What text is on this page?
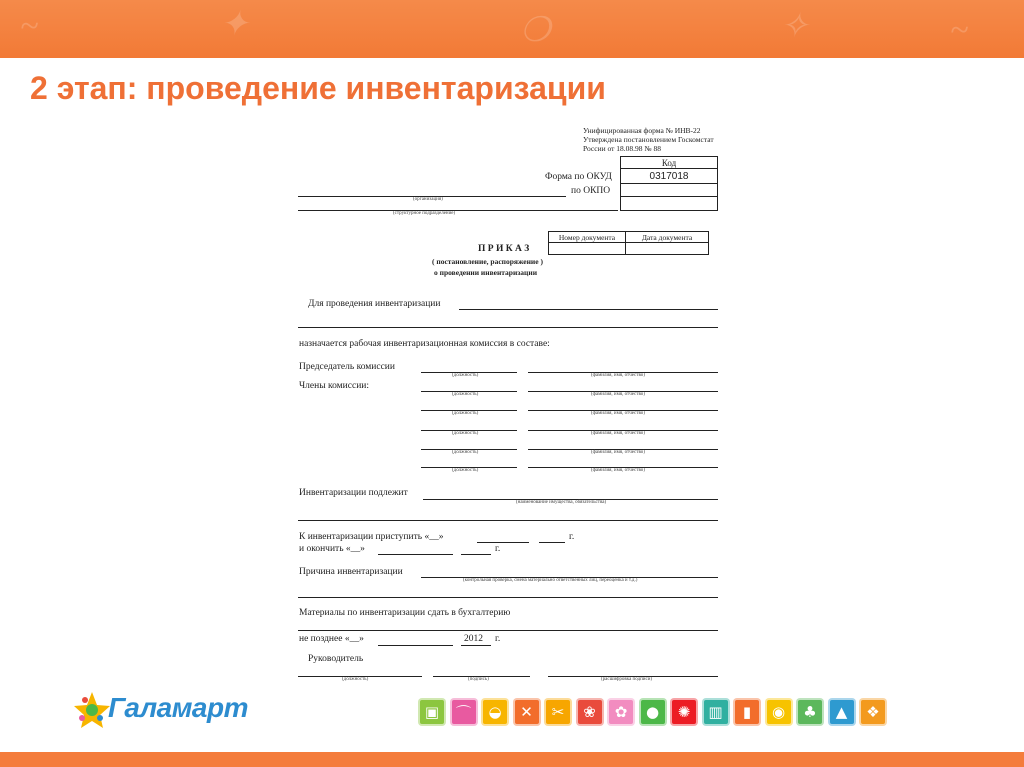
~	✦	❍	✧	~
2 этап: проведение инвентаризации
Унифицированная форма № ИНВ-22
Утверждена постановлением Госкомстат
России от 18.08.98 № 88
Код
0317018
Форма по ОКУД
по ОКПО
(организация)
(структурное подразделение)
Номер документа	Дата документа
П Р И К А З
( постановление, распоряжение )
о проведении инвентаризации
Для проведения инвентаризации
назначается рабочая инвентаризационная комиссия в составе:
Председатель комиссии
Члены комиссии:
(должность)	(фамилия, имя, отчество)
(должность)	(фамилия, имя, отчество)
(должность)	(фамилия, имя, отчество)
(должность)	(фамилия, имя, отчество)
(должность)	(фамилия, имя, отчество)
(должность)	(фамилия, имя, отчество)
Инвентаризации подлежит
(наименование имущества, обязательства)
К инвентаризации приступить «__»	г.
и окончить «__»	г.
Причина инвентаризации
(контрольная проверка, смена материально ответственных лиц, переоценка и т.д.)
Материалы по инвентаризации сдать в бухгалтерию
не позднее «__»	2012 г.
Руководитель
(должность)	(подпись)	(расшифровка подписи)
Галамарт	▣	⌒	◒	✕	✂	❀	✿	●	✺	▥	▮	◉	♣	▲	❖
